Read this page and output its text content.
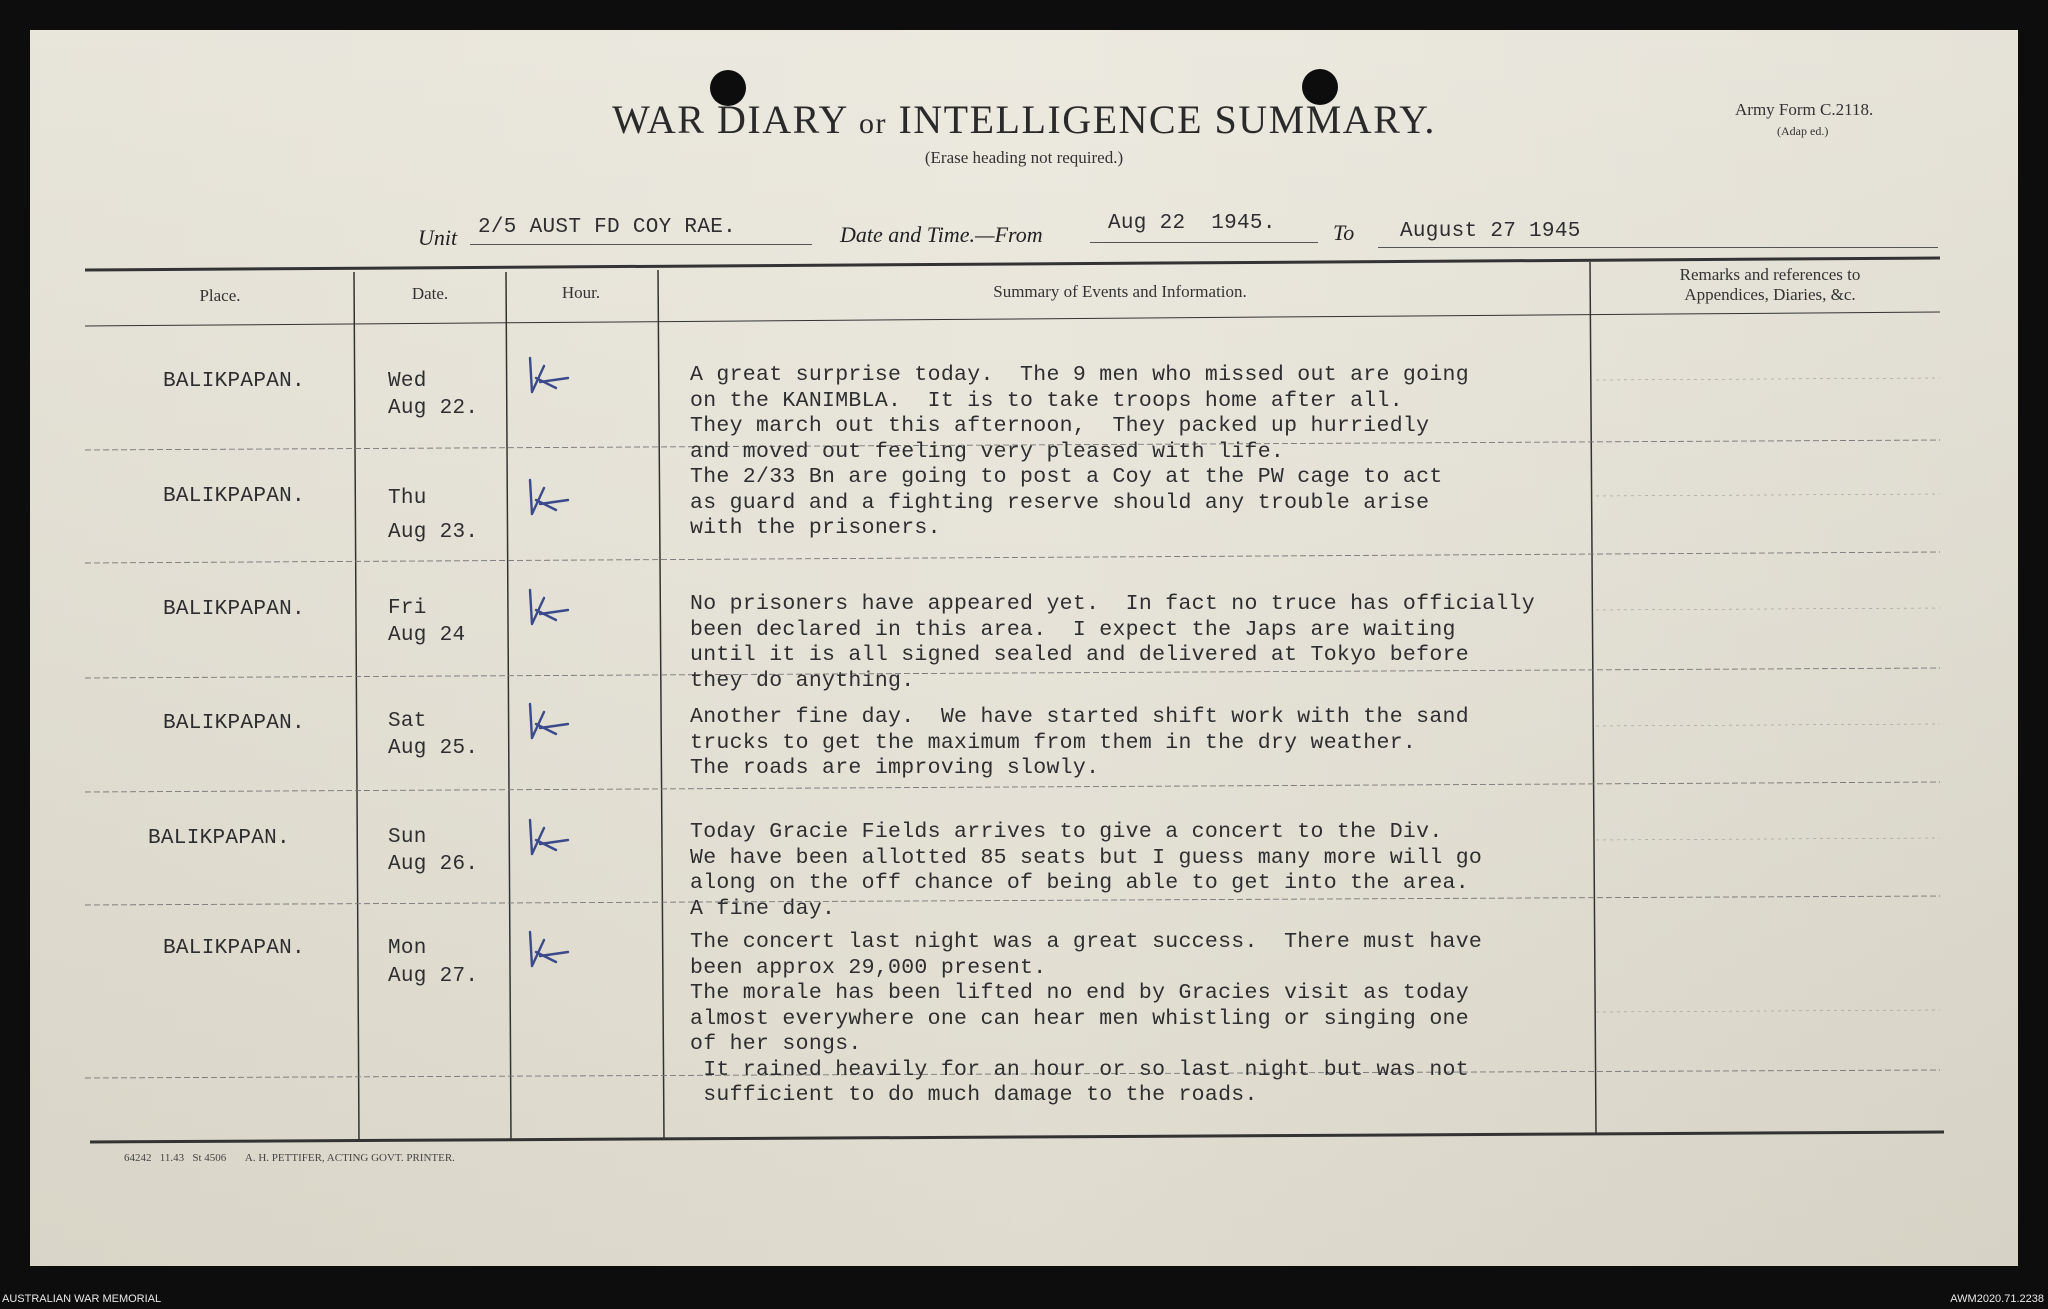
WAR DIARY or INTELLIGENCE SUMMARY.
(Erase heading not required.)
Army Form C.2118.
(Adap ed.)
Unit 2/5 AUST FD COY RAE.	Date and Time.—From	Aug 22  1945.	To August 27 1945
Place.	Date.	Hour.	Summary of Events and Information.
Remarks and references to
Appendices, Diaries, &c.
BALIKPAPAN.	Wed
Aug 22.
A great surprise today.  The 9 men who missed out are going
on the KANIMBLA.  It is to take troops home after all.
They march out this afternoon,  They packed up hurriedly
and moved out feeling very pleased with life.
BALIKPAPAN.	Thu
Aug 23.
The 2/33 Bn are going to post a Coy at the PW cage to act
as guard and a fighting reserve should any trouble arise
with the prisoners.
BALIKPAPAN.	Fri
Aug 24
No prisoners have appeared yet.  In fact no truce has officially
been declared in this area.  I expect the Japs are waiting
until it is all signed sealed and delivered at Tokyo before
they do anything.
BALIKPAPAN.	Sat
Aug 25.
Another fine day.  We have started shift work with the sand
trucks to get the maximum from them in the dry weather.
The roads are improving slowly.
BALIKPAPAN.	Sun
Aug 26.
Today Gracie Fields arrives to give a concert to the Div.
We have been allotted 85 seats but I guess many more will go
along on the off chance of being able to get into the area.
A fine day.
BALIKPAPAN.	Mon
Aug 27.
The concert last night was a great success.  There must have
been approx 29,000 present.
The morale has been lifted no end by Gracies visit as today
almost everywhere one can hear men whistling or singing one
of her songs.
It rained heavily for an hour or so last night but was not
sufficient to do much damage to the roads.
64242   11.43   St 4506       A. H. PETTIFER, ACTING GOVT. PRINTER.
AUSTRALIAN WAR MEMORIAL	AWM2020.71.2238
